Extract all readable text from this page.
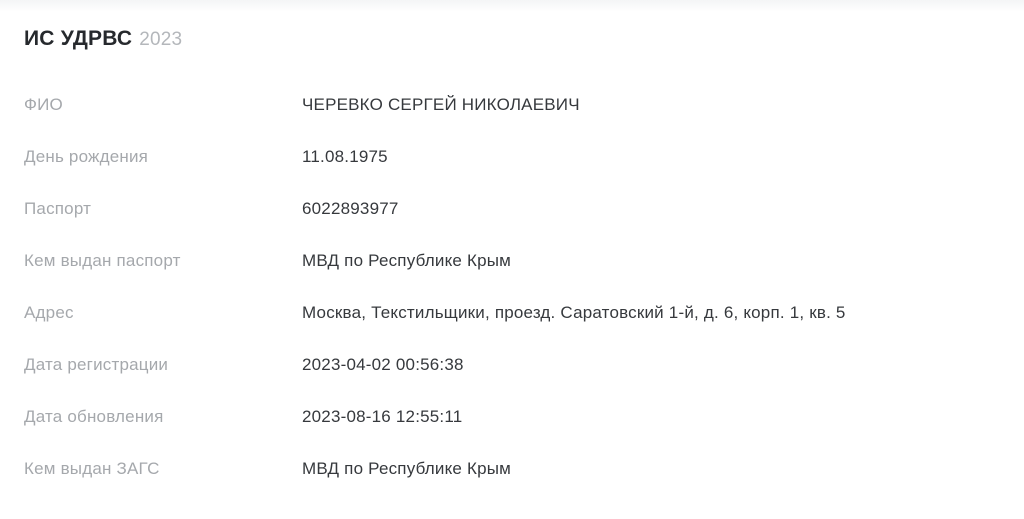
ИС УДРВС 2023
ФИО	ЧЕРЕВКО СЕРГЕЙ НИКОЛАЕВИЧ
День рождения	11.08.1975
Паспорт	6022893977
Кем выдан паспорт	МВД по Республике Крым
Адрес	Москва, Текстильщики, проезд. Саратовский 1-й, д. 6, корп. 1, кв. 5
Дата регистрации	2023-04-02 00:56:38
Дата обновления	2023-08-16 12:55:11
Кем выдан ЗАГС	МВД по Республике Крым
